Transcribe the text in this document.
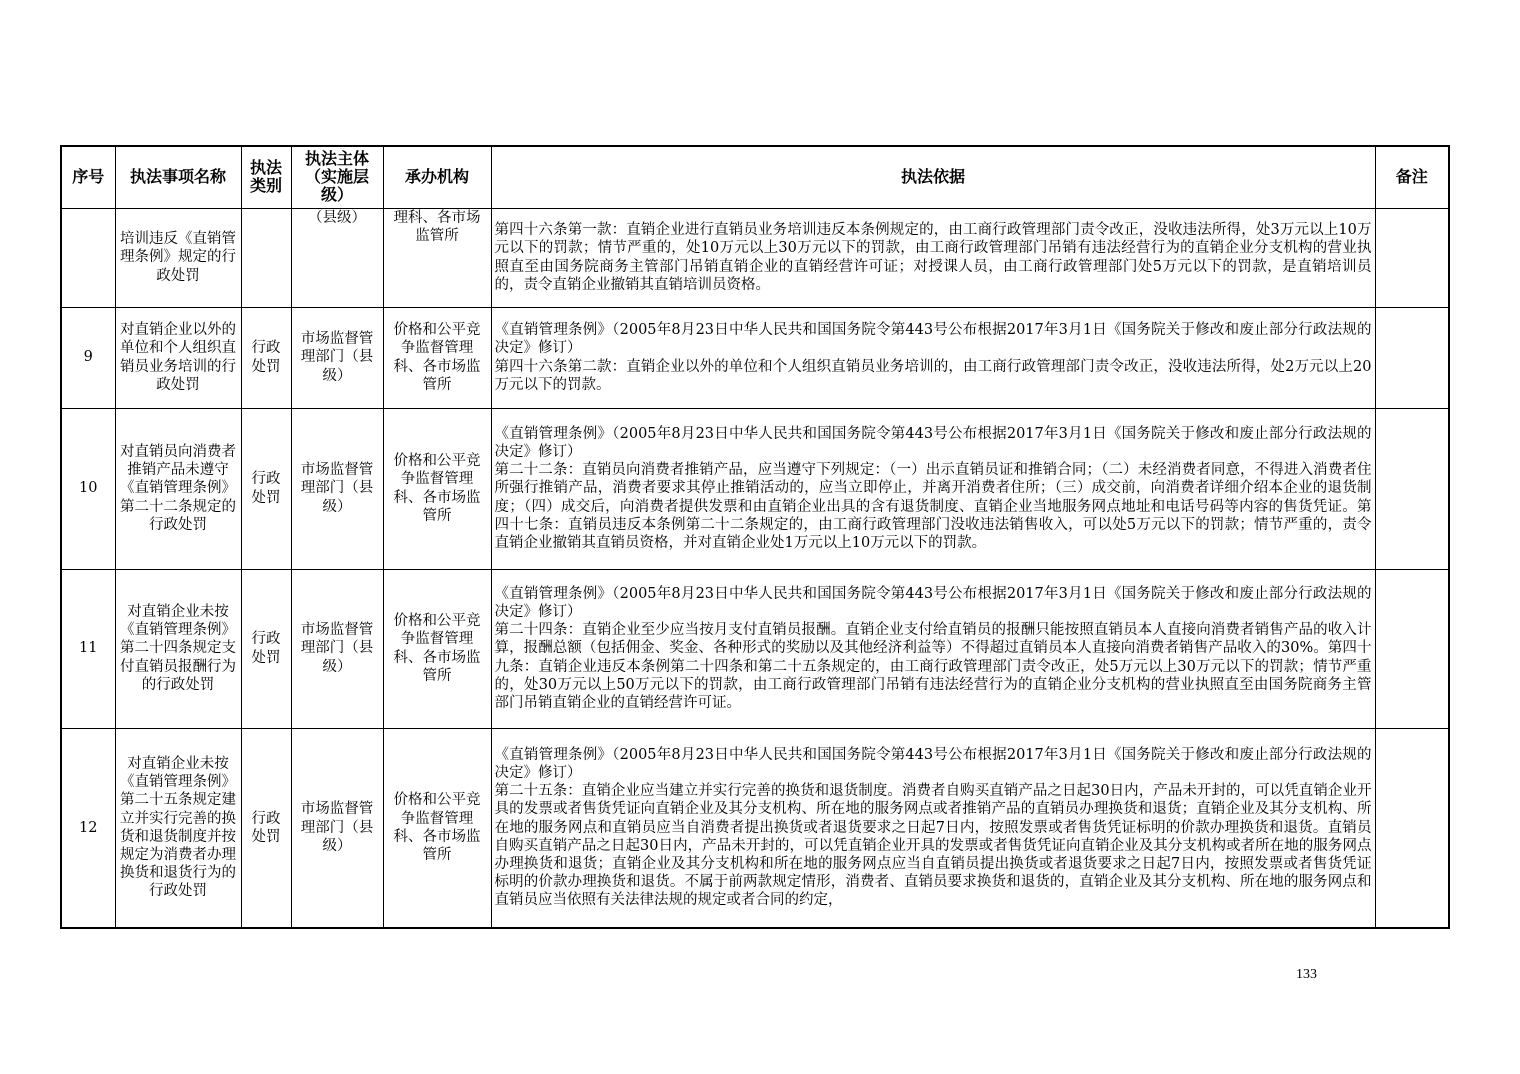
序号	执法事项名称	执法类别	执法主体（实施层级）	承办机构	执法依据	备注
	培训违反《直销管理条例》规定的行政处罚		（县级）	理科、各市场监管所	第四十六条第一款：直销企业进行直销员业务培训违反本条例规定的，由工商行政管理部门责令改正，没收违法所得，处3万元以上10万元以下的罚款；情节严重的，处10万元以上30万元以下的罚款，由工商行政管理部门吊销有违法经营行为的直销企业分支机构的营业执照直至由国务院商务主管部门吊销直销企业的直销经营许可证；对授课人员，由工商行政管理部门处5万元以下的罚款，是直销培训员的，责令直销企业撤销其直销培训员资格。	

9	对直销企业以外的单位和个人组织直销员业务培训的行政处罚	行政处罚	市场监督管理部门（县级）	价格和公平竞争监督管理科、各市场监管所	《直销管理条例》（2005年8月23日中华人民共和国国务院令第443号公布根据2017年3月1日《国务院关于修改和废止部分行政法规的决定》修订）

第四十六条第二款：直销企业以外的单位和个人组织直销员业务培训的，由工商行政管理部门责令改正，没收违法所得，处2万元以上20万元以下的罚款。	

10	对直销员向消费者推销产品未遵守《直销管理条例》第二十二条规定的行政处罚	行政处罚	市场监督管理部门（县级）	价格和公平竞争监督管理科、各市场监管所	《直销管理条例》（2005年8月23日中华人民共和国国务院令第443号公布根据2017年3月1日《国务院关于修改和废止部分行政法规的决定》修订）

第二十二条：直销员向消费者推销产品，应当遵守下列规定：（一）出示直销员证和推销合同；（二）未经消费者同意，不得进入消费者住所强行推销产品，消费者要求其停止推销活动的，应当立即停止，并离开消费者住所；（三）成交前，向消费者详细介绍本企业的退货制度；（四）成交后，向消费者提供发票和由直销企业出具的含有退货制度、直销企业当地服务网点地址和电话号码等内容的售货凭证。第四十七条：直销员违反本条例第二十二条规定的，由工商行政管理部门没收违法销售收入，可以处5万元以下的罚款；情节严重的，责令直销企业撤销其直销员资格，并对直销企业处1万元以上10万元以下的罚款。	

11	对直销企业未按《直销管理条例》第二十四条规定支付直销员报酬行为的行政处罚	行政处罚	市场监督管理部门（县级）	价格和公平竞争监督管理科、各市场监管所	《直销管理条例》（2005年8月23日中华人民共和国国务院令第443号公布根据2017年3月1日《国务院关于修改和废止部分行政法规的决定》修订）

第二十四条：直销企业至少应当按月支付直销员报酬。直销企业支付给直销员的报酬只能按照直销员本人直接向消费者销售产品的收入计算，报酬总额（包括佣金、奖金、各种形式的奖励以及其他经济利益等）不得超过直销员本人直接向消费者销售产品收入的30%。第四十九条：直销企业违反本条例第二十四条和第二十五条规定的，由工商行政管理部门责令改正，处5万元以上30万元以下的罚款；情节严重的，处30万元以上50万元以下的罚款，由工商行政管理部门吊销有违法经营行为的直销企业分支机构的营业执照直至由国务院商务主管部门吊销直销企业的直销经营许可证。	

12	对直销企业未按《直销管理条例》第二十五条规定建立并实行完善的换货和退货制度并按规定为消费者办理换货和退货行为的行政处罚	行政处罚	市场监督管理部门（县级）	价格和公平竞争监督管理科、各市场监管所	《直销管理条例》（2005年8月23日中华人民共和国国务院令第443号公布根据2017年3月1日《国务院关于修改和废止部分行政法规的决定》修订）

第二十五条：直销企业应当建立并实行完善的换货和退货制度。消费者自购买直销产品之日起30日内，产品未开封的，可以凭直销企业开具的发票或者售货凭证向直销企业及其分支机构、所在地的服务网点或者推销产品的直销员办理换货和退货；直销企业及其分支机构、所在地的服务网点和直销员应当自消费者提出换货或者退货要求之日起7日内，按照发票或者售货凭证标明的价款办理换货和退货。直销员自购买直销产品之日起30日内，产品未开封的，可以凭直销企业开具的发票或者售货凭证向直销企业及其分支机构或者所在地的服务网点办理换货和退货；直销企业及其分支机构和所在地的服务网点应当自直销员提出换货或者退货要求之日起7日内，按照发票或者售货凭证标明的价款办理换货和退货。不属于前两款规定情形，消费者、直销员要求换货和退货的，直销企业及其分支机构、所在地的服务网点和直销员应当依照有关法律法规的规定或者合同的约定，	

133
